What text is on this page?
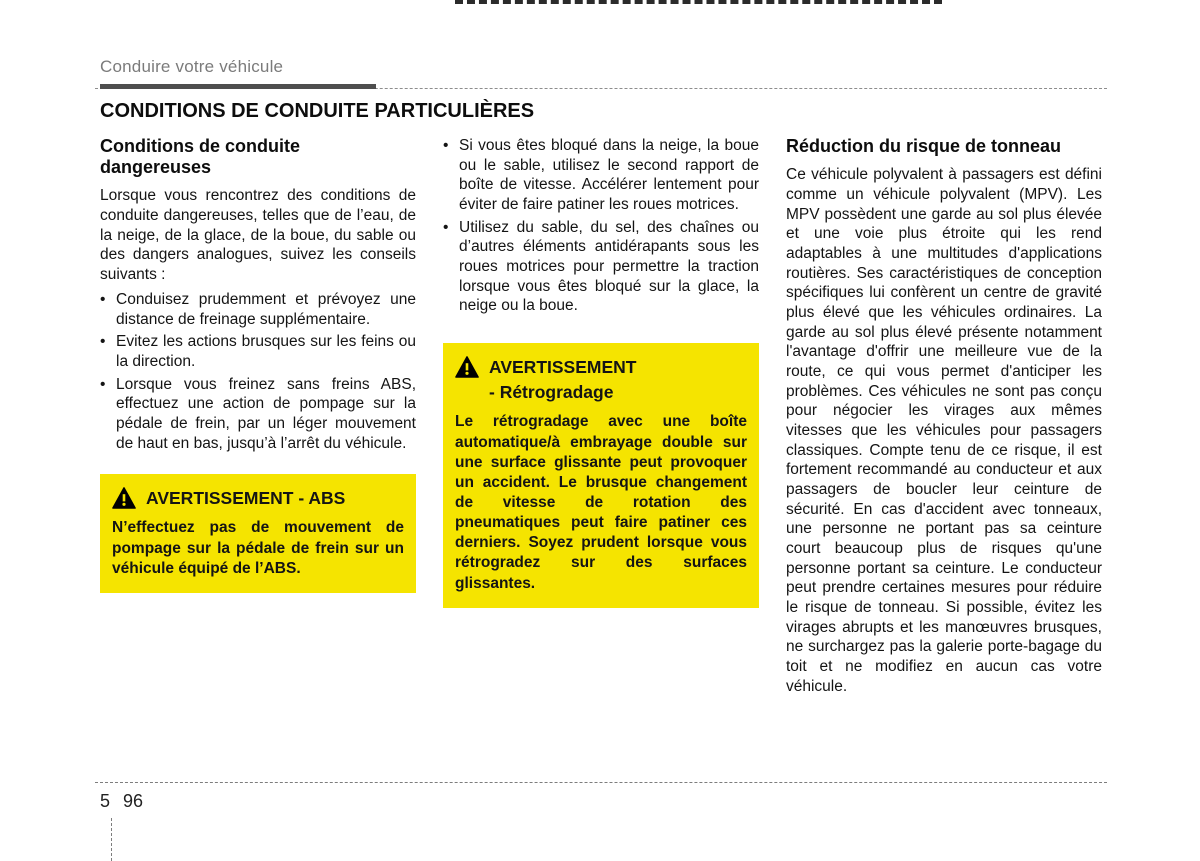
Conduire votre véhicule
CONDITIONS DE CONDUITE PARTICULIÈRES
Conditions de conduite dangereuses
Lorsque vous rencontrez des conditions de conduite dangereuses, telles que de l’eau, de la neige, de la glace, de la boue, du sable ou des dangers analogues, suivez les conseils suivants :
• Conduisez prudemment et prévoyez une distance de freinage supplémentaire.
• Evitez les actions brusques sur les feins ou la direction.
• Lorsque vous freinez sans freins ABS, effectuez une action de pompage sur la pédale de frein, par un léger mouvement de haut en bas, jusqu’à l’arrêt du véhicule.
AVERTISSEMENT - ABS
N’effectuez pas de mouvement de pompage sur la pédale de frein sur un véhicule équipé de l’ABS.
• Si vous êtes bloqué dans la neige, la boue ou le sable, utilisez le second rapport de boîte de vitesse. Accélérer lentement pour éviter de faire patiner les roues motrices.
• Utilisez du sable, du sel, des chaînes ou d’autres éléments antidérapants sous les roues motrices pour permettre la traction lorsque vous êtes bloqué sur la glace, la neige ou la boue.
AVERTISSEMENT
- Rétrogradage
Le rétrogradage avec une boîte automatique/à embrayage double sur une surface glissante peut provoquer un accident. Le brusque changement de vitesse de rotation des pneumatiques peut faire patiner ces derniers. Soyez prudent lorsque vous rétrogradez sur des surfaces glissantes.
Réduction du risque de tonneau
Ce véhicule polyvalent à passagers est défini comme un véhicule polyvalent (MPV). Les MPV possèdent une garde au sol plus élevée et une voie plus étroite qui les rend adaptables à une multitudes d'applications routières. Ses caractéristiques de conception spécifiques lui confèrent un centre de gravité plus élevé que les véhicules ordinaires. La garde au sol plus élevé présente notamment l'avantage d'offrir une meilleure vue de la route, ce qui vous permet d'anticiper les problèmes. Ces véhicules ne sont pas conçu pour négocier les virages aux mêmes vitesses que les véhicules pour passagers classiques. Compte tenu de ce risque, il est fortement recommandé au conducteur et aux passagers de boucler leur ceinture de sécurité. En cas d'accident avec tonneaux, une personne ne portant pas sa ceinture court beaucoup plus de risques qu'une personne portant sa ceinture. Le conducteur peut prendre certaines mesures pour réduire le risque de tonneau. Si possible, évitez les virages abrupts et les manœuvres brusques, ne surchargez pas la galerie porte-bagage du toit et ne modifiez en aucun cas votre véhicule.
5 96
